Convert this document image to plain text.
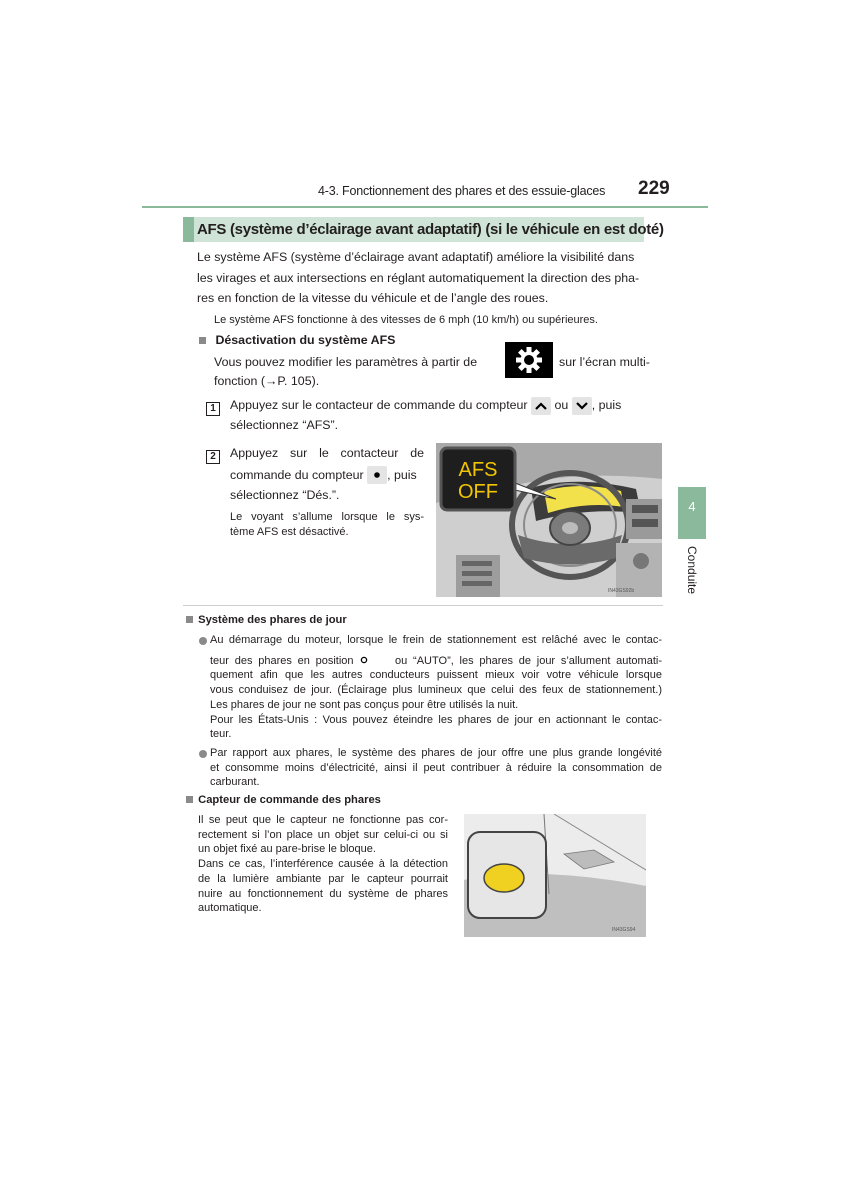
4-3. Fonctionnement des phares et des essuie-glaces 229
AFS (système d’éclairage avant adaptatif) (si le véhicule en est doté)
Le système AFS (système d’éclairage avant adaptatif) améliore la visibilité dans
les virages et aux intersections en réglant automatiquement la direction des pha-
res en fonction de la vitesse du véhicule et de l’angle des roues.
Le système AFS fonctionne à des vitesses de 6 mph (10 km/h) ou supérieures.
Désactivation du système AFS
Vous pouvez modifier les paramètres à partir de	sur l’écran multi-
fonction (→P. 105).
1	Appuyez sur le contacteur de commande du compteur ou , puis
sélectionnez “AFS”.
2	Appuyez sur le contacteur de
commande du compteur , puis
sélectionnez “Dés.”.
Le voyant s’allume lorsque le sys-
tème AFS est désactivé.
AFS
OFF
IN43GS92b
4
Conduite
Système des phares de jour
Au démarrage du moteur, lorsque le frein de stationnement est relâché avec le contac-
teur des phares en position	ou “AUTO”, les phares de jour s’allument automati-
quement afin que les autres conducteurs puissent mieux voir votre véhicule lorsque
vous conduisez de jour. (Éclairage plus lumineux que celui des feux de stationnement.)
Les phares de jour ne sont pas conçus pour être utilisés la nuit.
Pour les États-Unis : Vous pouvez éteindre les phares de jour en actionnant le contac-
teur.
Par rapport aux phares, le système des phares de jour offre une plus grande longévité
et consomme moins d’électricité, ainsi il peut contribuer à réduire la consommation de
carburant.
Capteur de commande des phares
Il se peut que le capteur ne fonctionne pas cor-
rectement si l’on place un objet sur celui-ci ou si
un objet fixé au pare-brise le bloque.
Dans ce cas, l’interférence causée à la détection
de la lumière ambiante par le capteur pourrait
nuire au fonctionnement du système de phares
automatique.
IN43GS94
